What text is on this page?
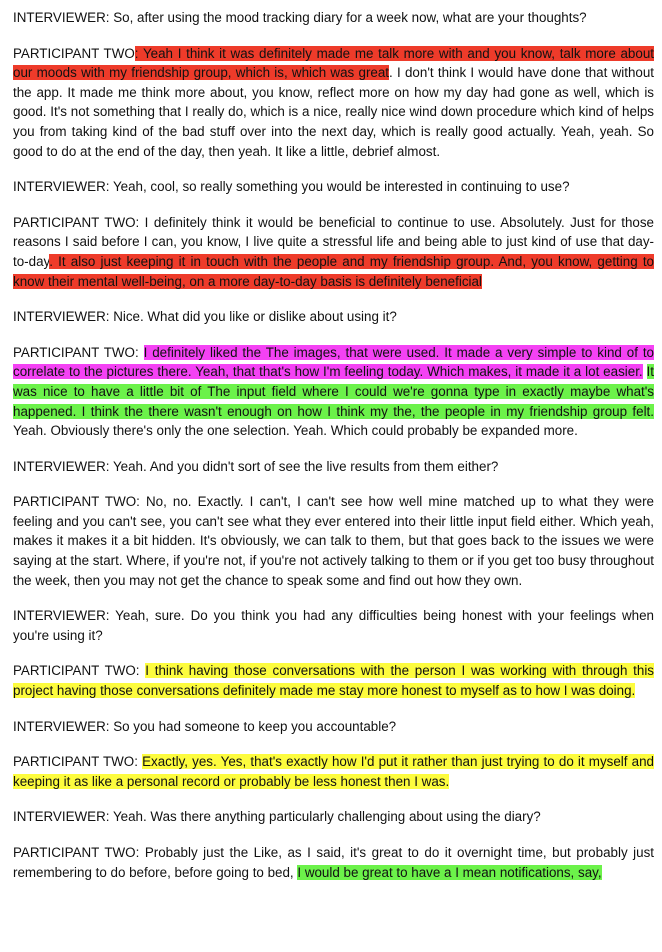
INTERVIEWER: So, after using the mood tracking diary for a week now, what are your thoughts?

PARTICIPANT TWO: Yeah I think it was definitely made me talk more with and you know, talk more about our moods with my friendship group, which is, which was great. I don't think I would have done that without the app. It made me think more about, you know, reflect more on how my day had gone as well, which is good. It's not something that I really do, which is a nice, really nice wind down procedure which kind of helps you from taking kind of the bad stuff over into the next day, which is really good actually. Yeah, yeah. So good to do at the end of the day, then yeah. It like a little, debrief almost.

INTERVIEWER: Yeah, cool, so really something you would be interested in continuing to use?

PARTICIPANT TWO: I definitely think it would be beneficial to continue to use. Absolutely. Just for those reasons I said before I can, you know, I live quite a stressful life and being able to just kind of use that day-to-day. It also just keeping it in touch with the people and my friendship group. And, you know, getting to know their mental well-being, on a more day-to-day basis is definitely beneficial

INTERVIEWER: Nice. What did you like or dislike about using it?

PARTICIPANT TWO: I definitely liked the The images, that were used. It made a very simple to kind of to correlate to the pictures there. Yeah, that that's how I'm feeling today. Which makes, it made it a lot easier. It was nice to have a little bit of The input field where I could we're gonna type in exactly maybe what's happened. I think the there wasn't enough on how I think my the, the people in my friendship group felt. Yeah. Obviously there's only the one selection. Yeah. Which could probably be expanded more.

INTERVIEWER: Yeah. And you didn't sort of see the live results from them either?

PARTICIPANT TWO: No, no. Exactly. I can't, I can't see how well mine matched up to what they were feeling and you can't see, you can't see what they ever entered into their little input field either. Which yeah, makes it makes it a bit hidden. It's obviously, we can talk to them, but that goes back to the issues we were saying at the start. Where, if you're not, if you're not actively talking to them or if you get too busy throughout the week, then you may not get the chance to speak some and find out how they own.

INTERVIEWER: Yeah, sure. Do you think you had any difficulties being honest with your feelings when you're using it?

PARTICIPANT TWO: I think having those conversations with the person I was working with through this project having those conversations definitely made me stay more honest to myself as to how I was doing.

INTERVIEWER: So you had someone to keep you accountable?

PARTICIPANT TWO: Exactly, yes. Yes, that's exactly how I'd put it rather than just trying to do it myself and keeping it as like a personal record or probably be less honest then I was.

INTERVIEWER: Yeah. Was there anything particularly challenging about using the diary?

PARTICIPANT TWO: Probably just the Like, as I said, it's great to do it overnight time, but probably just remembering to do before, before going to bed, I would be great to have a I mean notifications, say,
